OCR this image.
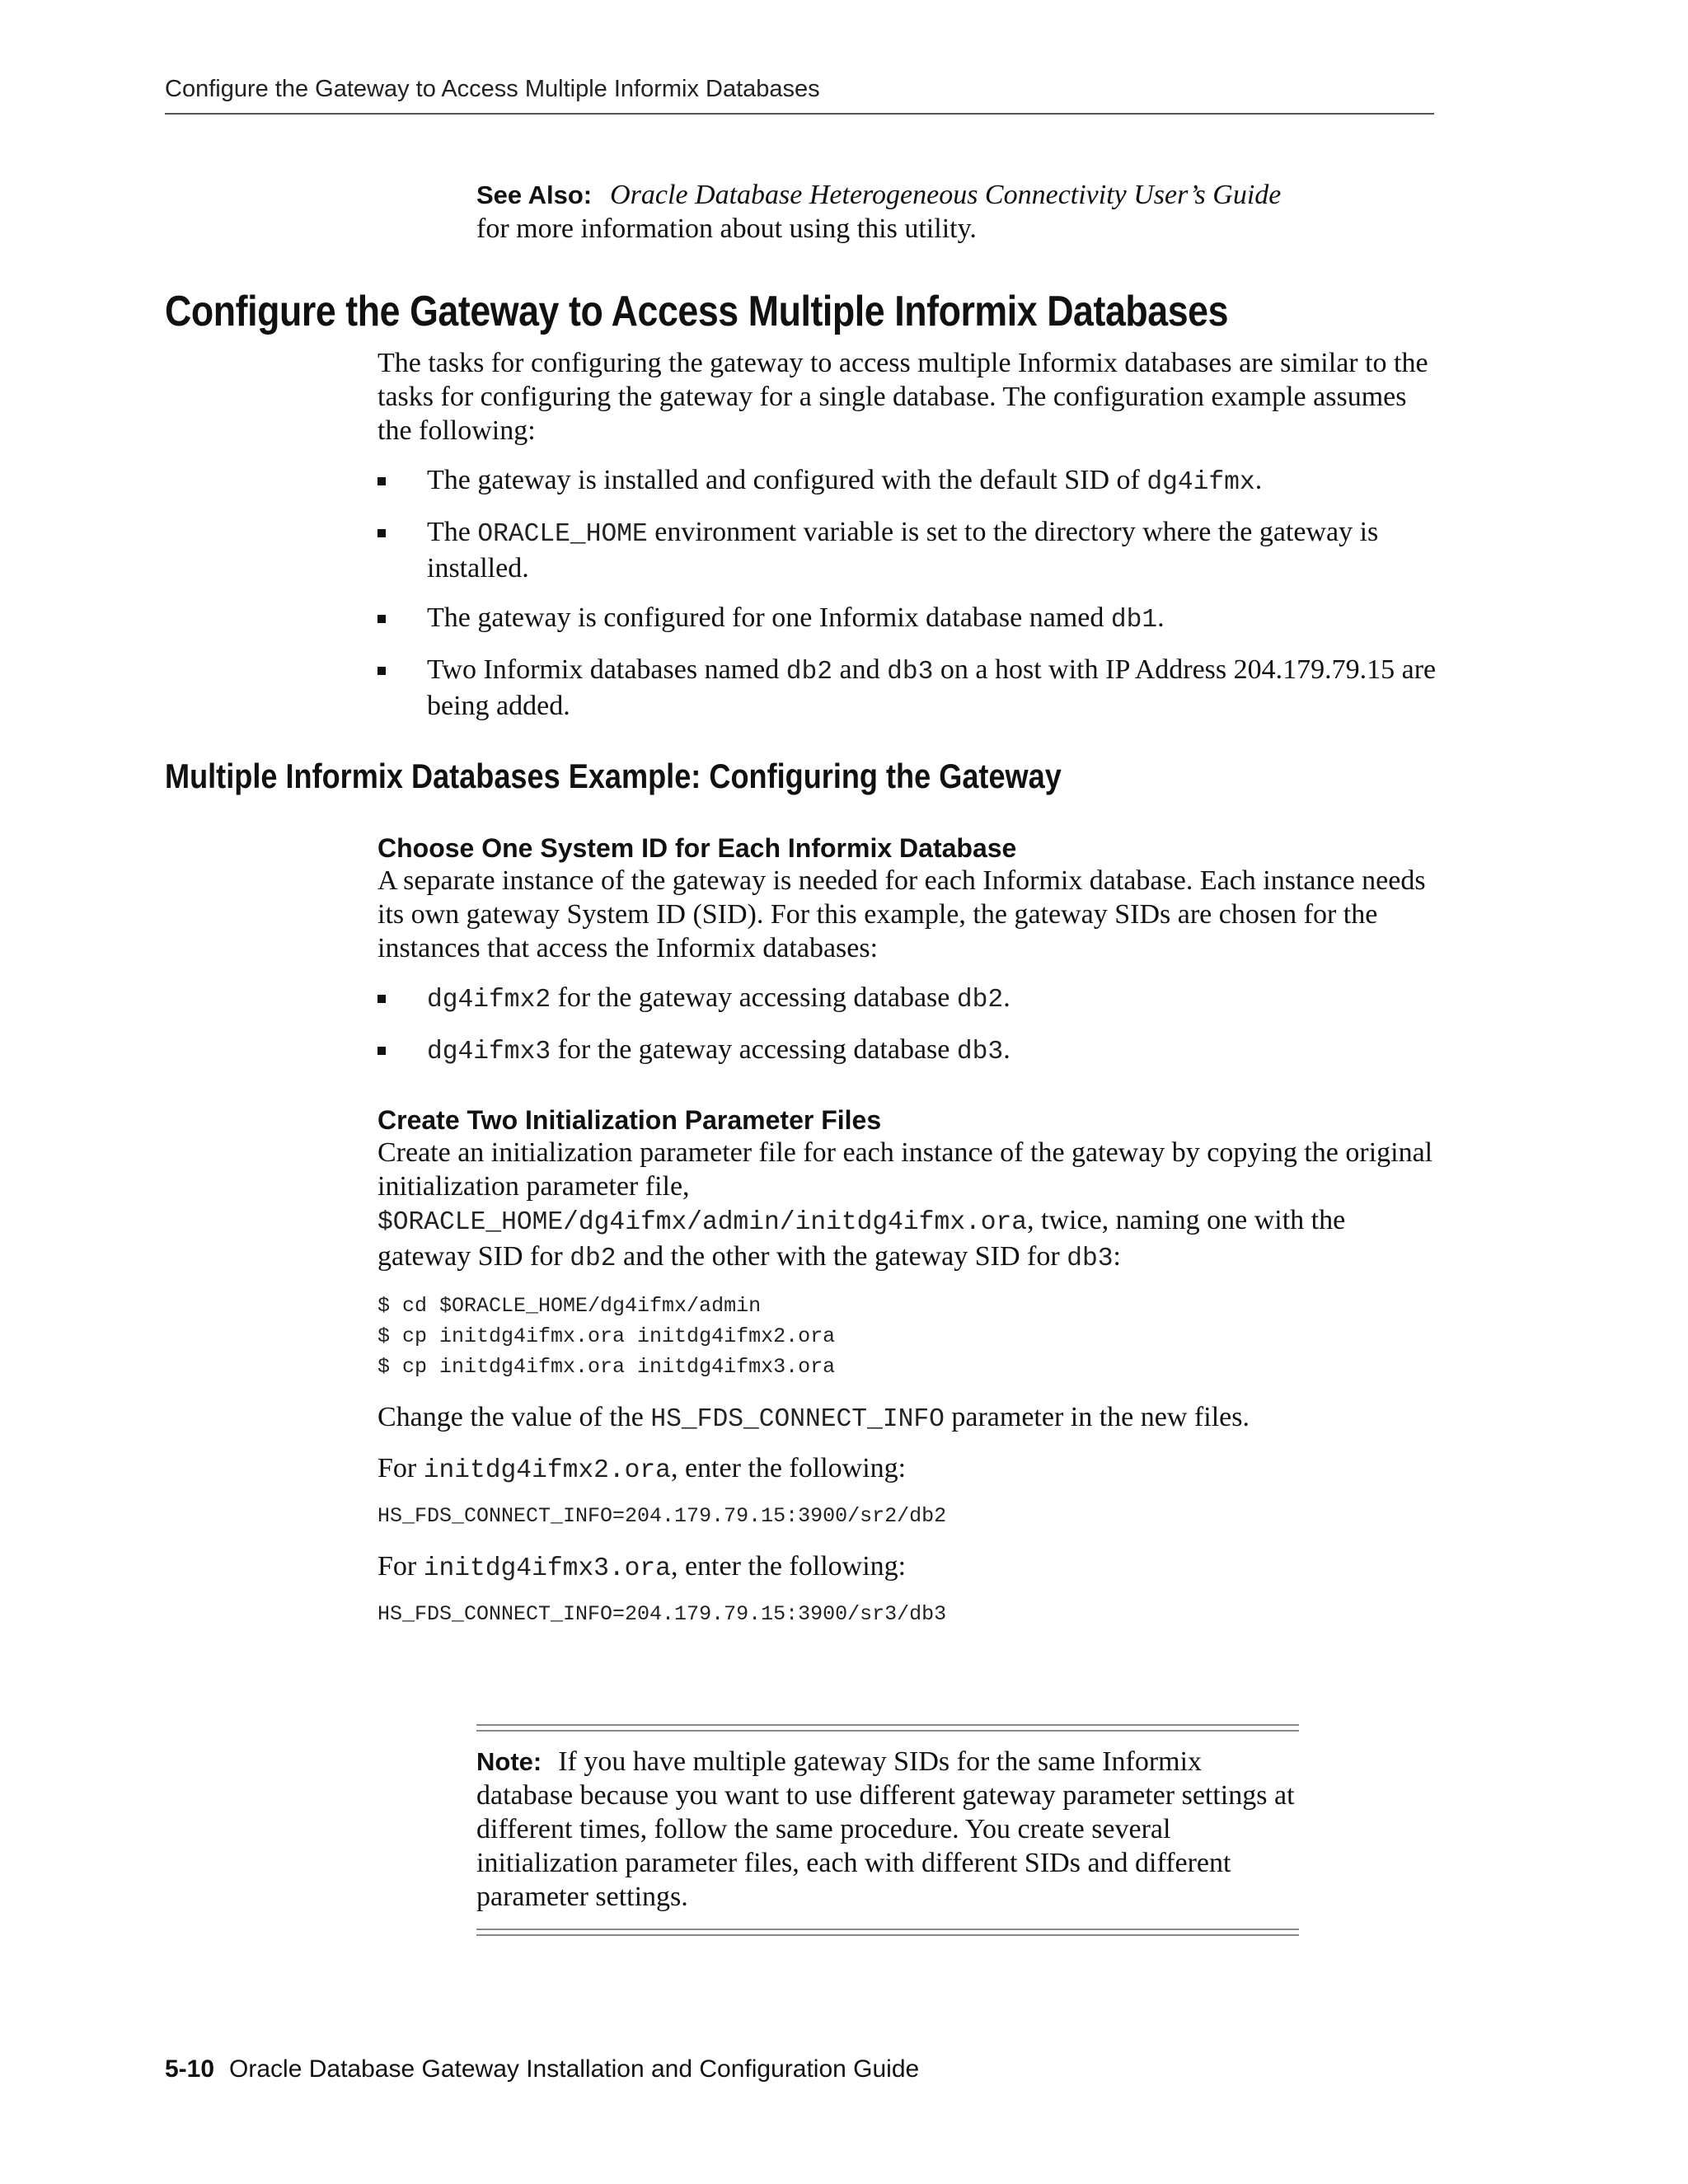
Configure the Gateway to Access Multiple Informix Databases
See Also: Oracle Database Heterogeneous Connectivity User’s Guide
for more information about using this utility.
Configure the Gateway to Access Multiple Informix Databases

The tasks for configuring the gateway to access multiple Informix databases are similar to the tasks for configuring the gateway for a single database. The configuration example assumes the following:

The gateway is installed and configured with the default SID of dg4ifmx.
The ORACLE_HOME environment variable is set to the directory where the gateway is installed.
The gateway is configured for one Informix database named db1.
Two Informix databases named db2 and db3 on a host with IP Address 204.179.79.15 are being added.
Multiple Informix Databases Example: Configuring the Gateway
Choose One System ID for Each Informix Database

A separate instance of the gateway is needed for each Informix database. Each instance needs its own gateway System ID (SID). For this example, the gateway SIDs are chosen for the instances that access the Informix databases:

dg4ifmx2 for the gateway accessing database db2.
dg4ifmx3 for the gateway accessing database db3.
Create Two Initialization Parameter Files

Create an initialization parameter file for each instance of the gateway by copying the original initialization parameter file,
$ORACLE_HOME/dg4ifmx/admin/initdg4ifmx.ora, twice, naming one with the gateway SID for db2 and the other with the gateway SID for db3:

$ cd $ORACLE_HOME/dg4ifmx/admin
$ cp initdg4ifmx.ora initdg4ifmx2.ora
$ cp initdg4ifmx.ora initdg4ifmx3.ora

Change the value of the HS_FDS_CONNECT_INFO parameter in the new files.

For initdg4ifmx2.ora, enter the following:

HS_FDS_CONNECT_INFO=204.179.79.15:3900/sr2/db2

For initdg4ifmx3.ora, enter the following:

HS_FDS_CONNECT_INFO=204.179.79.15:3900/sr3/db3
Note: If you have multiple gateway SIDs for the same Informix database because you want to use different gateway parameter settings at different times, follow the same procedure. You create several initialization parameter files, each with different SIDs and different parameter settings.
5-10 Oracle Database Gateway Installation and Configuration Guide
